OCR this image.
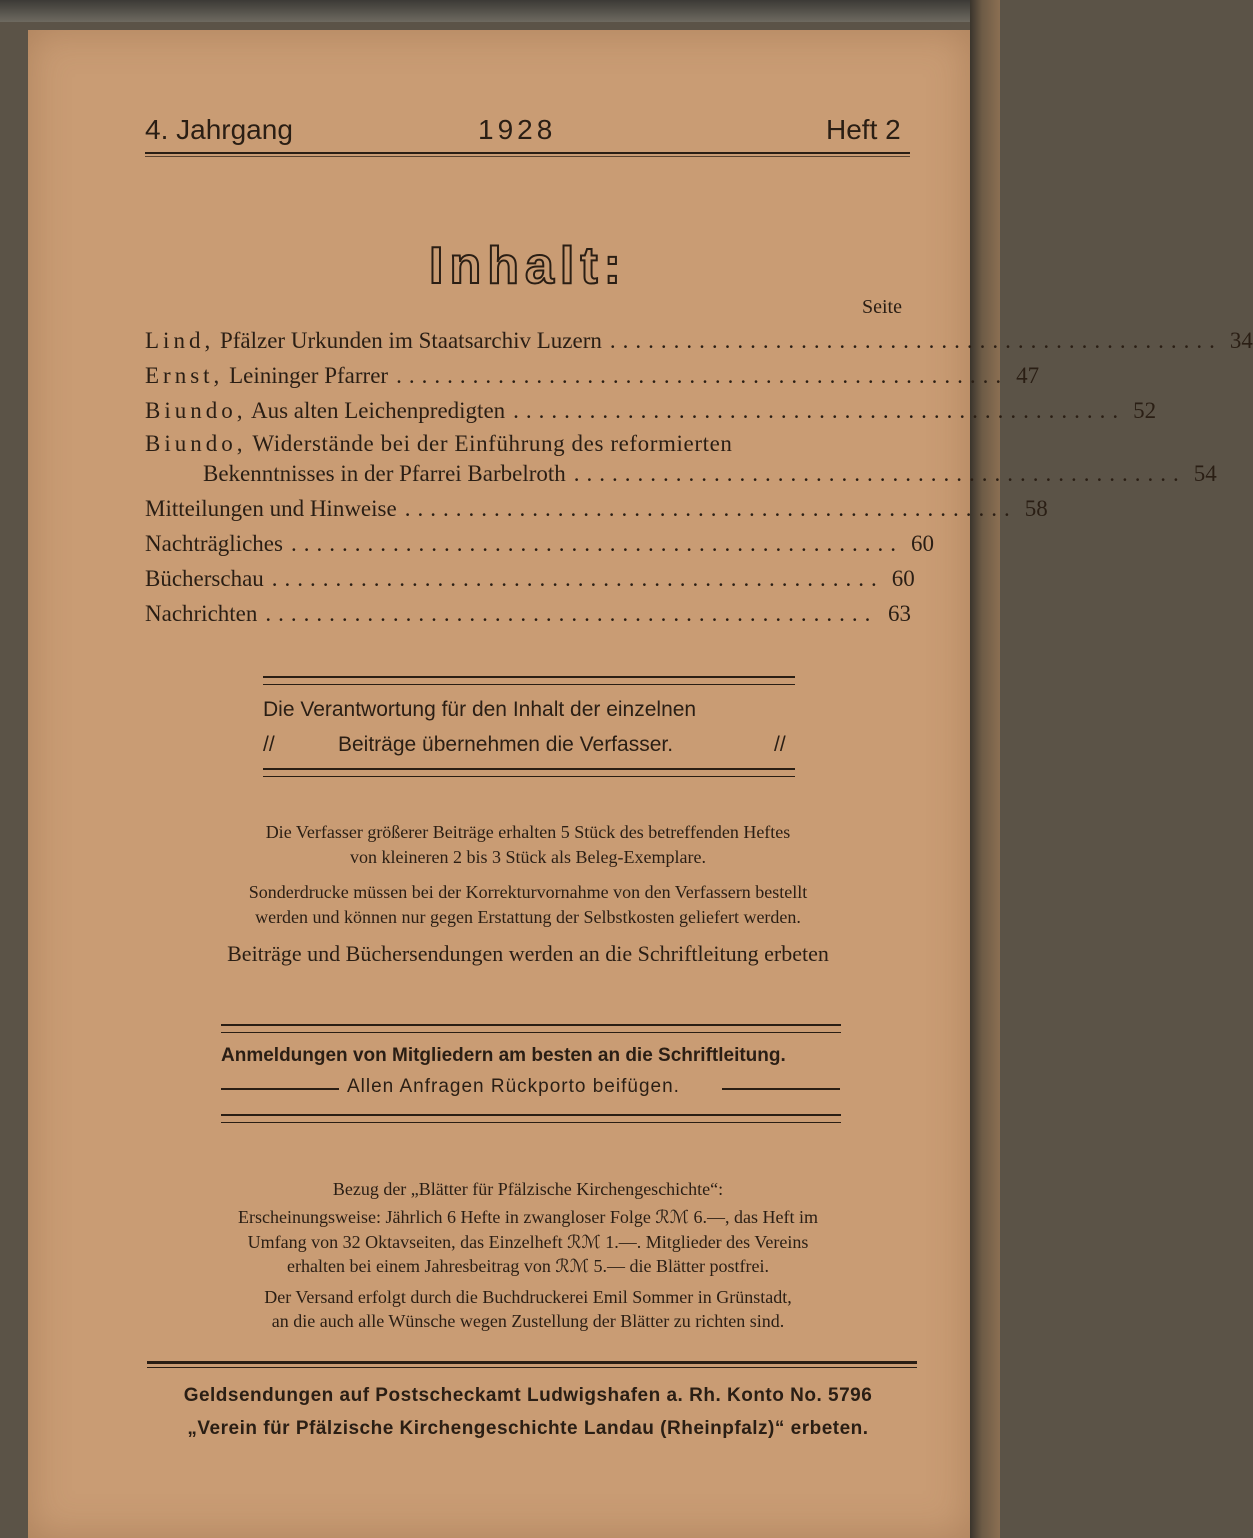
4. Jahrgang	1928	Heft 2
Inhalt:
Seite
Lind, Pfälzer Urkunden im Staatsarchiv Luzern ................................................ 34
Ernst, Leininger Pfarrer ................................................ 47
Biundo, Aus alten Leichenpredigten ................................................ 52
Biundo, Widerstände bei der Einführung des reformierten
Bekenntnisses in der Pfarrei Barbelroth ................................................ 54
Mitteilungen und Hinweise ................................................ 58
Nachträgliches ................................................ 60
Bücherschau ................................................ 60
Nachrichten ................................................ 63
Die Verantwortung für den Inhalt der einzelnen
//	Beiträge übernehmen die Verfasser.	//
Die Verfasser größerer Beiträge erhalten 5 Stück des betreffenden Heftes
von kleineren 2 bis 3 Stück als Beleg-Exemplare.
Sonderdrucke müssen bei der Korrekturvornahme von den Verfassern bestellt
werden und können nur gegen Erstattung der Selbstkosten geliefert werden.
Beiträge und Büchersendungen werden an die Schriftleitung erbeten
Anmeldungen von Mitgliedern am besten an die Schriftleitung.
Allen Anfragen Rückporto beifügen.
Bezug der „Blätter für Pfälzische Kirchengeschichte“:
Erscheinungsweise: Jährlich 6 Hefte in zwangloser Folge ℛℳ 6.—, das Heft im
Umfang von 32 Oktavseiten, das Einzelheft ℛℳ 1.—. Mitglieder des Vereins
erhalten bei einem Jahresbeitrag von ℛℳ 5.— die Blätter postfrei.
Der Versand erfolgt durch die Buchdruckerei Emil Sommer in Grünstadt,
an die auch alle Wünsche wegen Zustellung der Blätter zu richten sind.
Geldsendungen auf Postscheckamt Ludwigshafen a. Rh. Konto No. 5796
„Verein für Pfälzische Kirchengeschichte Landau (Rheinpfalz)“ erbeten.
